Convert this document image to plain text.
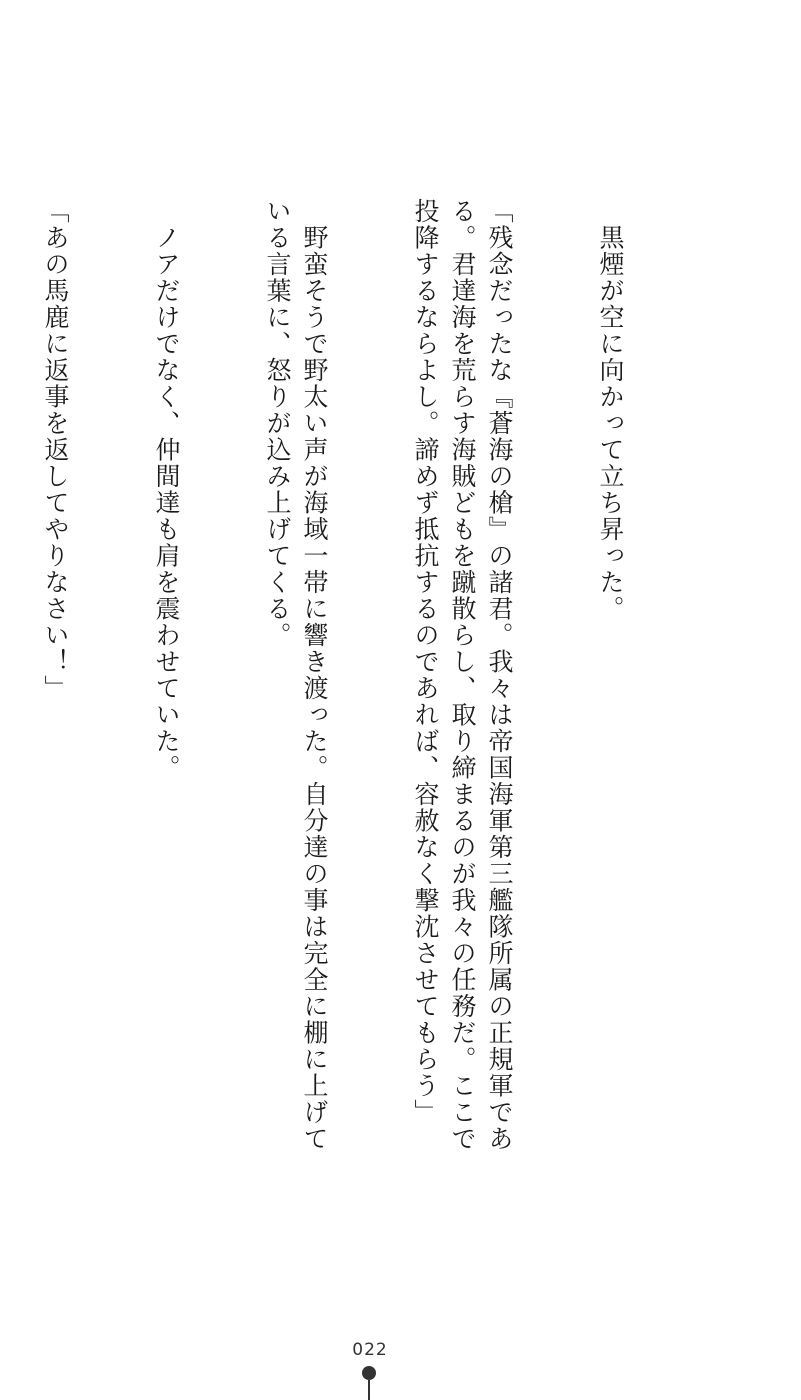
　黒煙が空に向かって立ち昇った。

「残念だったな『蒼海の槍』の諸君。我々は帝国海軍第三艦隊所属の正規軍である。君達海を荒らす海賊どもを蹴散らし、取り締まるのが我々の任務だ。ここで投降するならよし。諦めず抵抗するのであれば、容赦なく撃沈させてもらう」

　野蛮そうで野太い声が海域一帯に響き渡った。自分達の事は完全に棚に上げている言葉に、怒りが込み上げてくる。

　ノアだけでなく、仲間達も肩を震わせていた。

「あの馬鹿に返事を返してやりなさい！」

022
